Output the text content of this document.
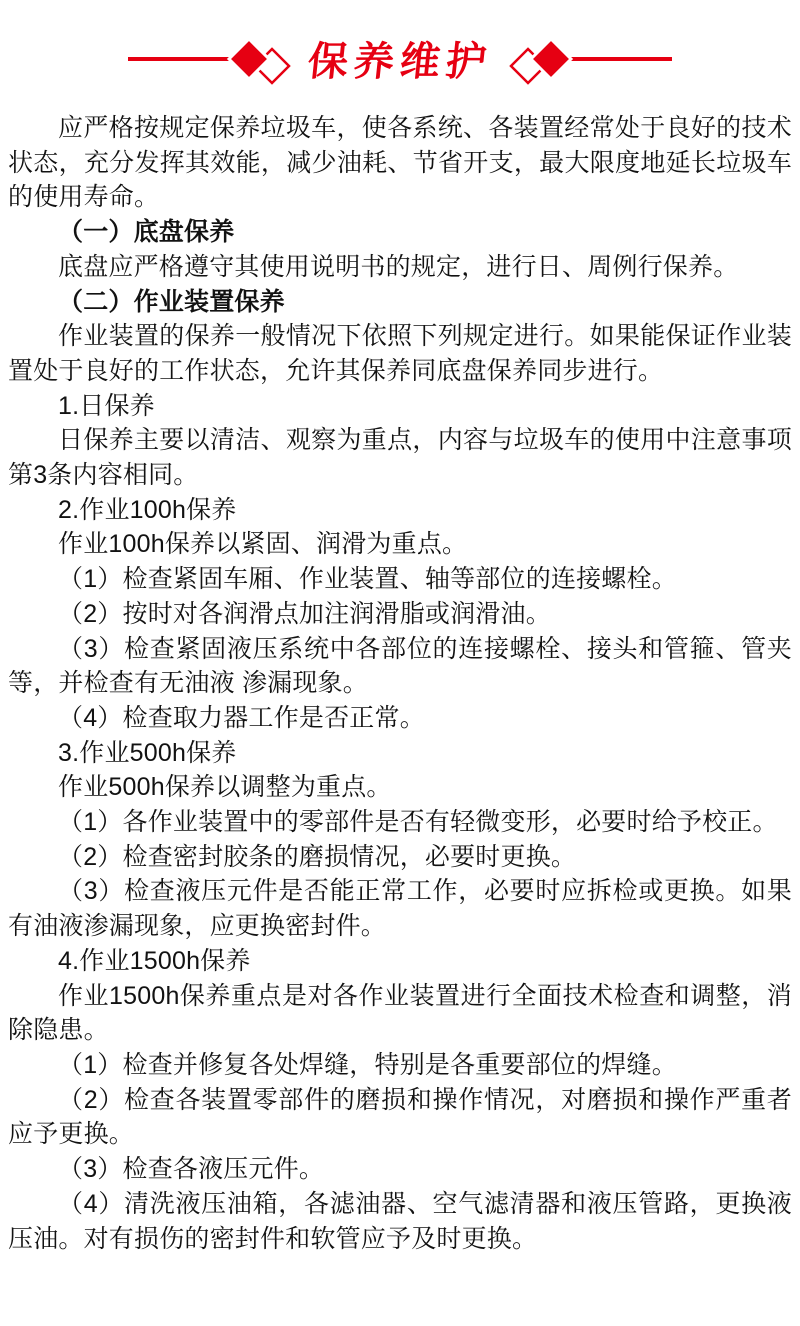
保养维护

应严格按规定保养垃圾车，使各系统、各装置经常处于良好的技术状态，充分发挥其效能，减少油耗、节省开支，最大限度地延长垃圾车的使用寿命。

（一）底盘保养

底盘应严格遵守其使用说明书的规定，进行日、周例行保养。

（二）作业装置保养

作业装置的保养一般情况下依照下列规定进行。如果能保证作业装置处于良好的工作状态，允许其保养同底盘保养同步进行。

1.日保养

日保养主要以清洁、观察为重点，内容与垃圾车的使用中注意事项第3条内容相同。

2.作业100h保养

作业100h保养以紧固、润滑为重点。

（1）检查紧固车厢、作业装置、轴等部位的连接螺栓。

（2）按时对各润滑点加注润滑脂或润滑油。

（3）检查紧固液压系统中各部位的连接螺栓、接头和管箍、管夹等，并检查有无油液 渗漏现象。

（4）检查取力器工作是否正常。

3.作业500h保养

作业500h保养以调整为重点。

（1）各作业装置中的零部件是否有轻微变形，必要时给予校正。

（2）检查密封胶条的磨损情况，必要时更换。

（3）检查液压元件是否能正常工作，必要时应拆检或更换。如果有油液渗漏现象，应更换密封件。

4.作业1500h保养

作业1500h保养重点是对各作业装置进行全面技术检查和调整，消除隐患。

（1）检查并修复各处焊缝，特别是各重要部位的焊缝。

（2）检查各装置零部件的磨损和操作情况，对磨损和操作严重者应予更换。

（3）检查各液压元件。

（4）清洗液压油箱，各滤油器、空气滤清器和液压管路，更换液压油。对有损伤的密封件和软管应予及时更换。
